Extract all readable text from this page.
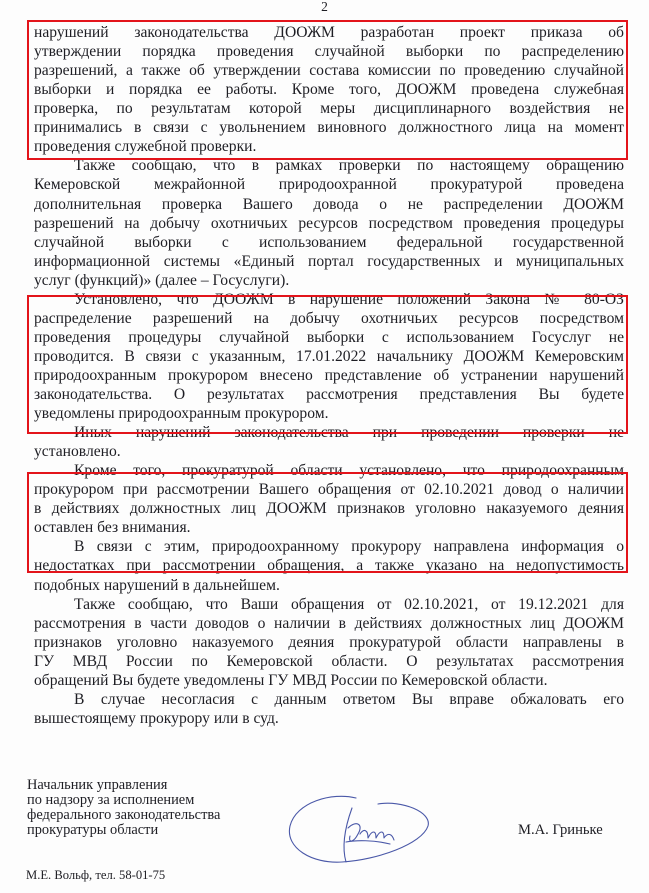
2
нарушений законодательства ДООЖМ разработан проект приказа об
утверждении порядка проведения случайной выборки по распределению
разрешений, а также об утверждении состава комиссии по проведению случайной
выборки и порядка ее работы. Кроме того, ДООЖМ проведена служебная
проверка, по результатам которой меры дисциплинарного воздействия не
принимались в связи с увольнением виновного должностного лица на момент
проведения служебной проверки.
Также сообщаю, что в рамках проверки по настоящему обращению
Кемеровской межрайонной природоохранной прокуратурой проведена
дополнительная проверка Вашего довода о не распределении ДООЖМ
разрешений на добычу охотничьих ресурсов посредством проведения процедуры
случайной выборки с использованием федеральной государственной
информационной системы «Единый портал государственных и муниципальных
услуг (функций)» (далее – Госуслуги).
Установлено, что ДООЖМ в нарушение положений Закона № 80-ОЗ
распределение разрешений на добычу охотничьих ресурсов посредством
проведения процедуры случайной выборки с использованием Госуслуг не
проводится. В связи с указанным, 17.01.2022 начальнику ДООЖМ Кемеровским
природоохранным прокурором внесено представление об устранении нарушений
законодательства. О результатах рассмотрения представления Вы будете
уведомлены природоохранным прокурором.
Иных нарушений законодательства при проведении проверки не
установлено.
Кроме того, прокуратурой области установлено, что природоохранным
прокурором при рассмотрении Вашего обращения от 02.10.2021 довод о наличии
в действиях должностных лиц ДООЖМ признаков уголовно наказуемого деяния
оставлен без внимания.
В связи с этим, природоохранному прокурору направлена информация о
недостатках при рассмотрении обращения, а также указано на недопустимость
подобных нарушений в дальнейшем.
Также сообщаю, что Ваши обращения от 02.10.2021, от 19.12.2021 для
рассмотрения в части доводов о наличии в действиях должностных лиц ДООЖМ
признаков уголовно наказуемого деяния прокуратурой области направлены в
ГУ МВД России по Кемеровской области. О результатах рассмотрения
обращений Вы будете уведомлены ГУ МВД России по Кемеровской области.
В случае несогласия с данным ответом Вы вправе обжаловать его
вышестоящему прокурору или в суд.
Начальник управления
по надзору за исполнением
федерального законодательства
прокуратуры области	М.А. Гриньке
М.Е. Вольф, тел. 58-01-75
